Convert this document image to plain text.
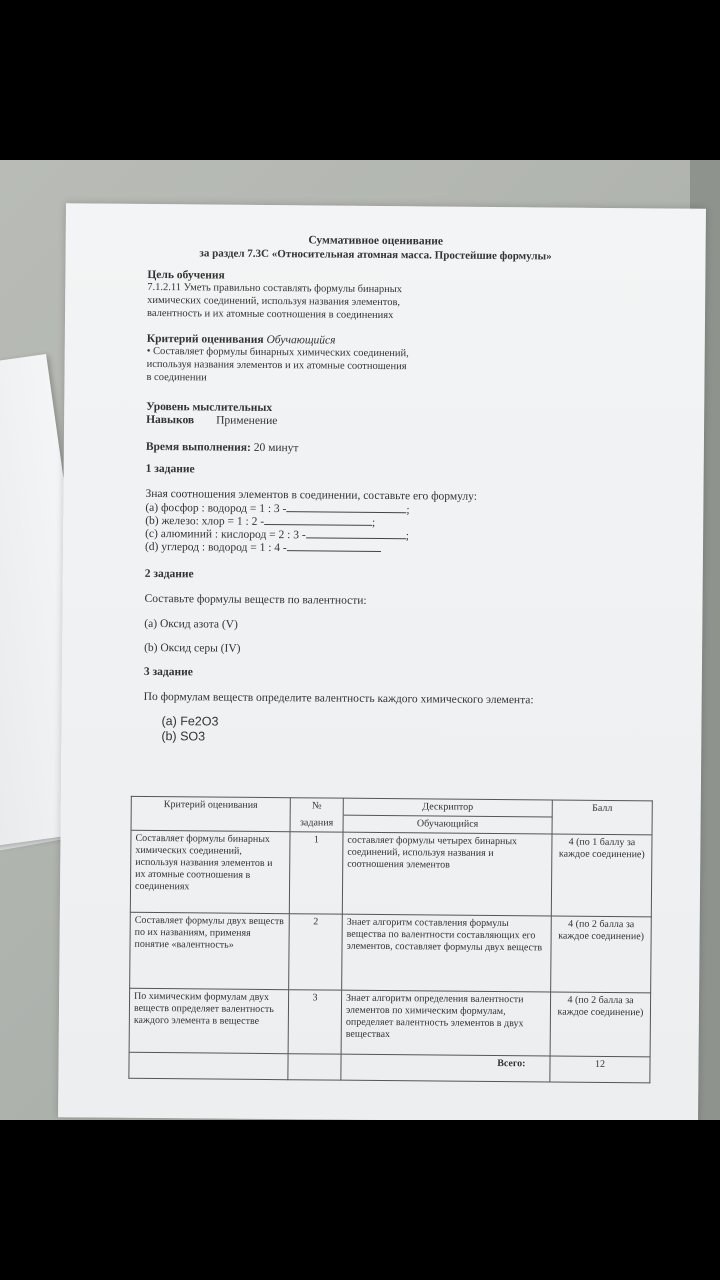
Суммативное оценивание
за раздел 7.3С «Относительная атомная масса. Простейшие формулы»
Цель обучения
7.1.2.11 Уметь правильно составлять формулы бинарных
химических соединений, используя названия элементов,
валентность и их атомные соотношения в соединениях
Критерий оценивания Обучающийся
• Составляет формулы бинарных химических соединений,
используя названия элементов и их атомные соотношения
в соединении
Уровень мыслительных
Навыков Применение
Время выполнения: 20 минут
1 задание
Зная соотношения элементов в соединении, составьте его формулу:
(a) фосфор : водород = 1 : 3 -	;
(b) железо: хлор = 1 : 2 -	;
(c) алюминий : кислород = 2 : 3 -	;
(d) углерод : водород = 1 : 4 -
2 задание
Составьте формулы веществ по валентности:
(a) Оксид азота (V)
(b) Оксид серы (IV)
3 задание
По формулам веществ определите валентность каждого химического элемента:
(a) Fe2O3
(b) SO3
Критерий оценивания	№	Дескриптор	Балл
	задания	Обучающийся	
Составляет формулы бинарных химических соединений, используя названия элементов и их атомные соотношения в соединениях	1	составляет формулы четырех бинарных соединений, используя названия и соотношения элементов	4 (по 1 баллу за каждое соединение)
Составляет формулы двух веществ по их названиям, применяя понятие «валентность»	2	Знает алгоритм составления формулы вещества по валентности составляющих его элементов, составляет формулы двух веществ	4 (по 2 балла за каждое соединение)
По химическим формулам двух веществ определяет валентность каждого элемента в веществе	3	Знает алгоритм определения валентности элементов по химическим формулам, определяет валентность элементов в двух веществах	4 (по 2 балла за каждое соединение)
		Всего:	12
